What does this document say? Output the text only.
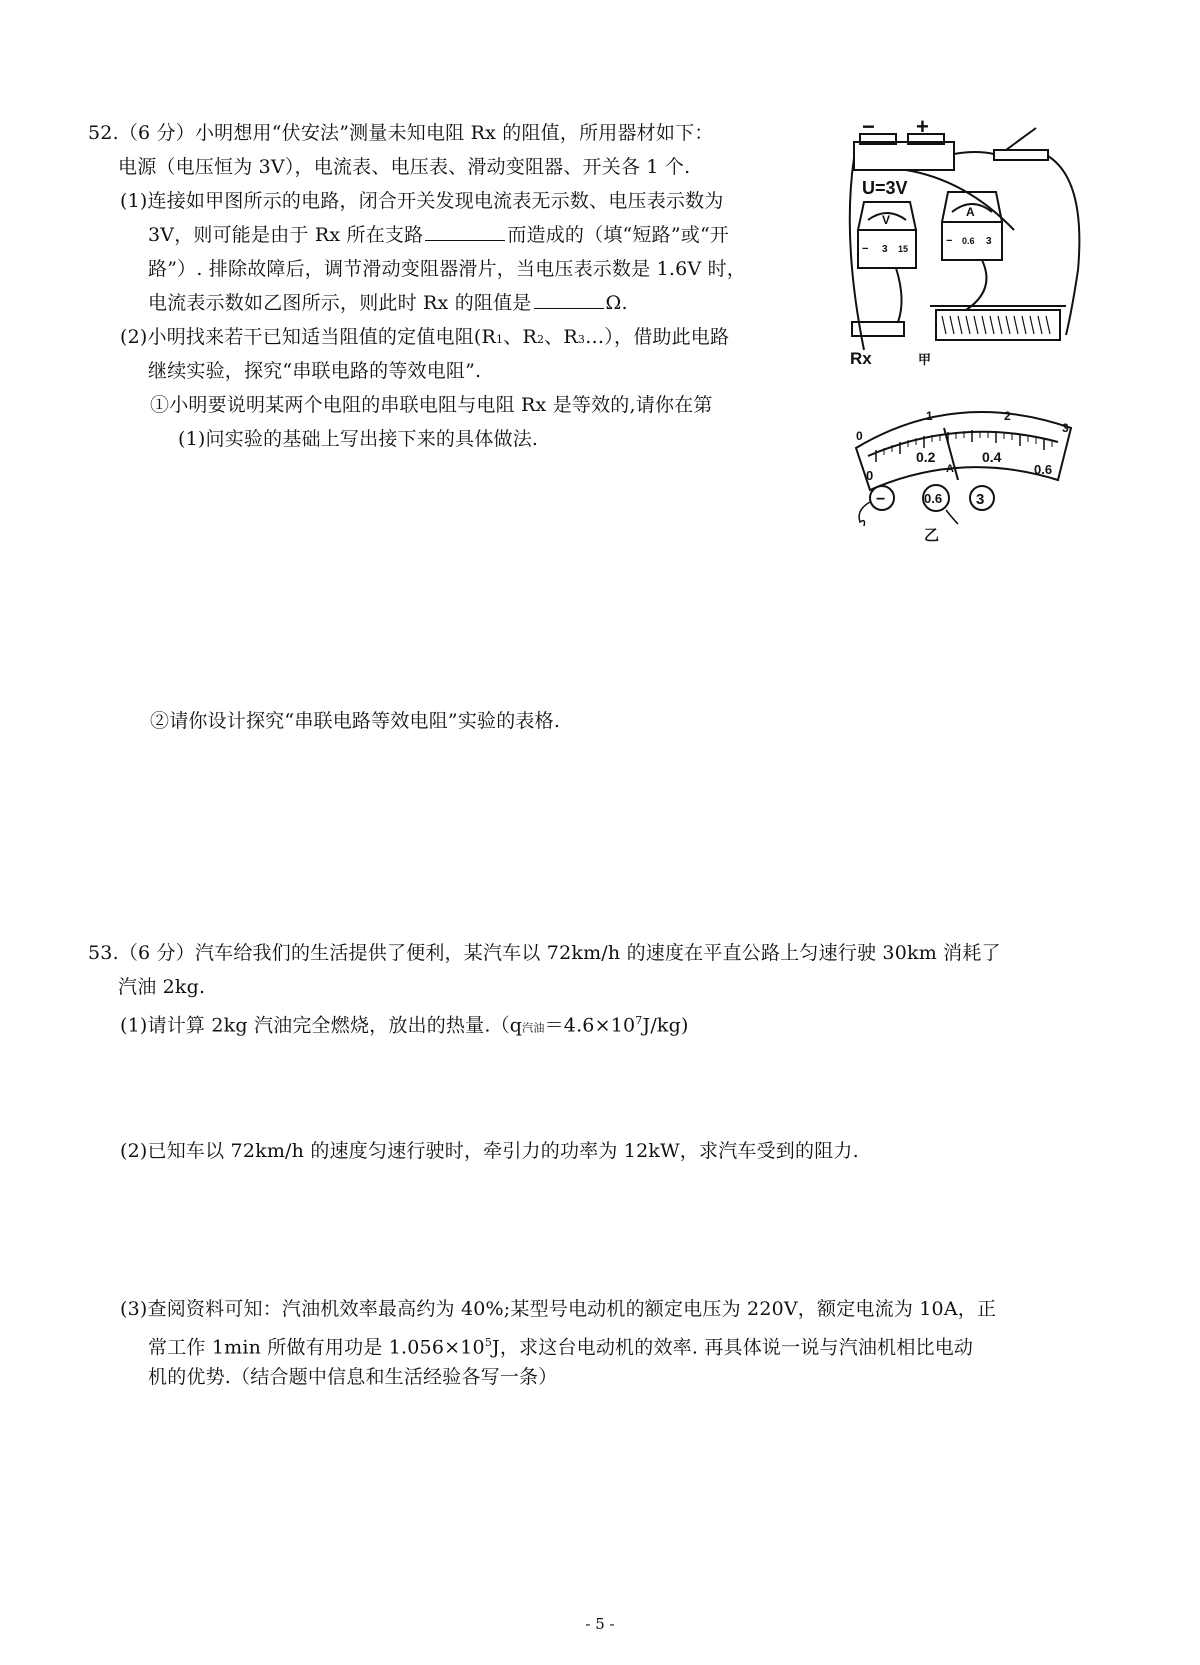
52.（6 分）小明想用“伏安法”测量未知电阻 Rx 的阻值，所用器材如下：
电源（电压恒为 3V），电流表、电压表、滑动变阻器、开关各 1 个.
(1)连接如甲图所示的电路，闭合开关发现电流表无示数、电压表示数为
3V，则可能是由于 Rx 所在支路	而造成的（填“短路”或“开
路”）. 排除故障后，调节滑动变阻器滑片，当电压表示数是 1.6V 时，
电流表示数如乙图所示，则此时 Rx 的阻值是	Ω.
(2)小明找来若干已知适当阻值的定值电阻(R1、R2、R3…），借助此电路
继续实验，探究“串联电路的等效电阻”.
①小明要说明某两个电阻的串联电阻与电阻 Rx 是等效的,请你在第
(1)问实验的基础上写出接下来的具体做法.
②请你设计探究“串联电路等效电阻”实验的表格.
− +
U=3V
V
− 3 15
A
− 0.6 3
Rx	甲
0
1	2
3
0
0.2
A
0.4
0.6
−	0.6 3
乙
53.（6 分）汽车给我们的生活提供了便利，某汽车以 72km/h 的速度在平直公路上匀速行驶 30km 消耗了
汽油 2kg.
(1)请计算 2kg 汽油完全燃烧，放出的热量.（q汽油$=4.6\times 10^7J/kg$)
(2)已知车以 72km/h 的速度匀速行驶时，牵引力的功率为 12kW，求汽车受到的阻力.
(3)查阅资料可知：汽油机效率最高约为 40%;某型号电动机的额定电压为 220V，额定电流为 10A，正
常工作 1min 所做有用功是 $1.056\times 10^5J$，求这台电动机的效率. 再具体说一说与汽油机相比电动
机的优势.（结合题中信息和生活经验各写一条）
- 5 -
